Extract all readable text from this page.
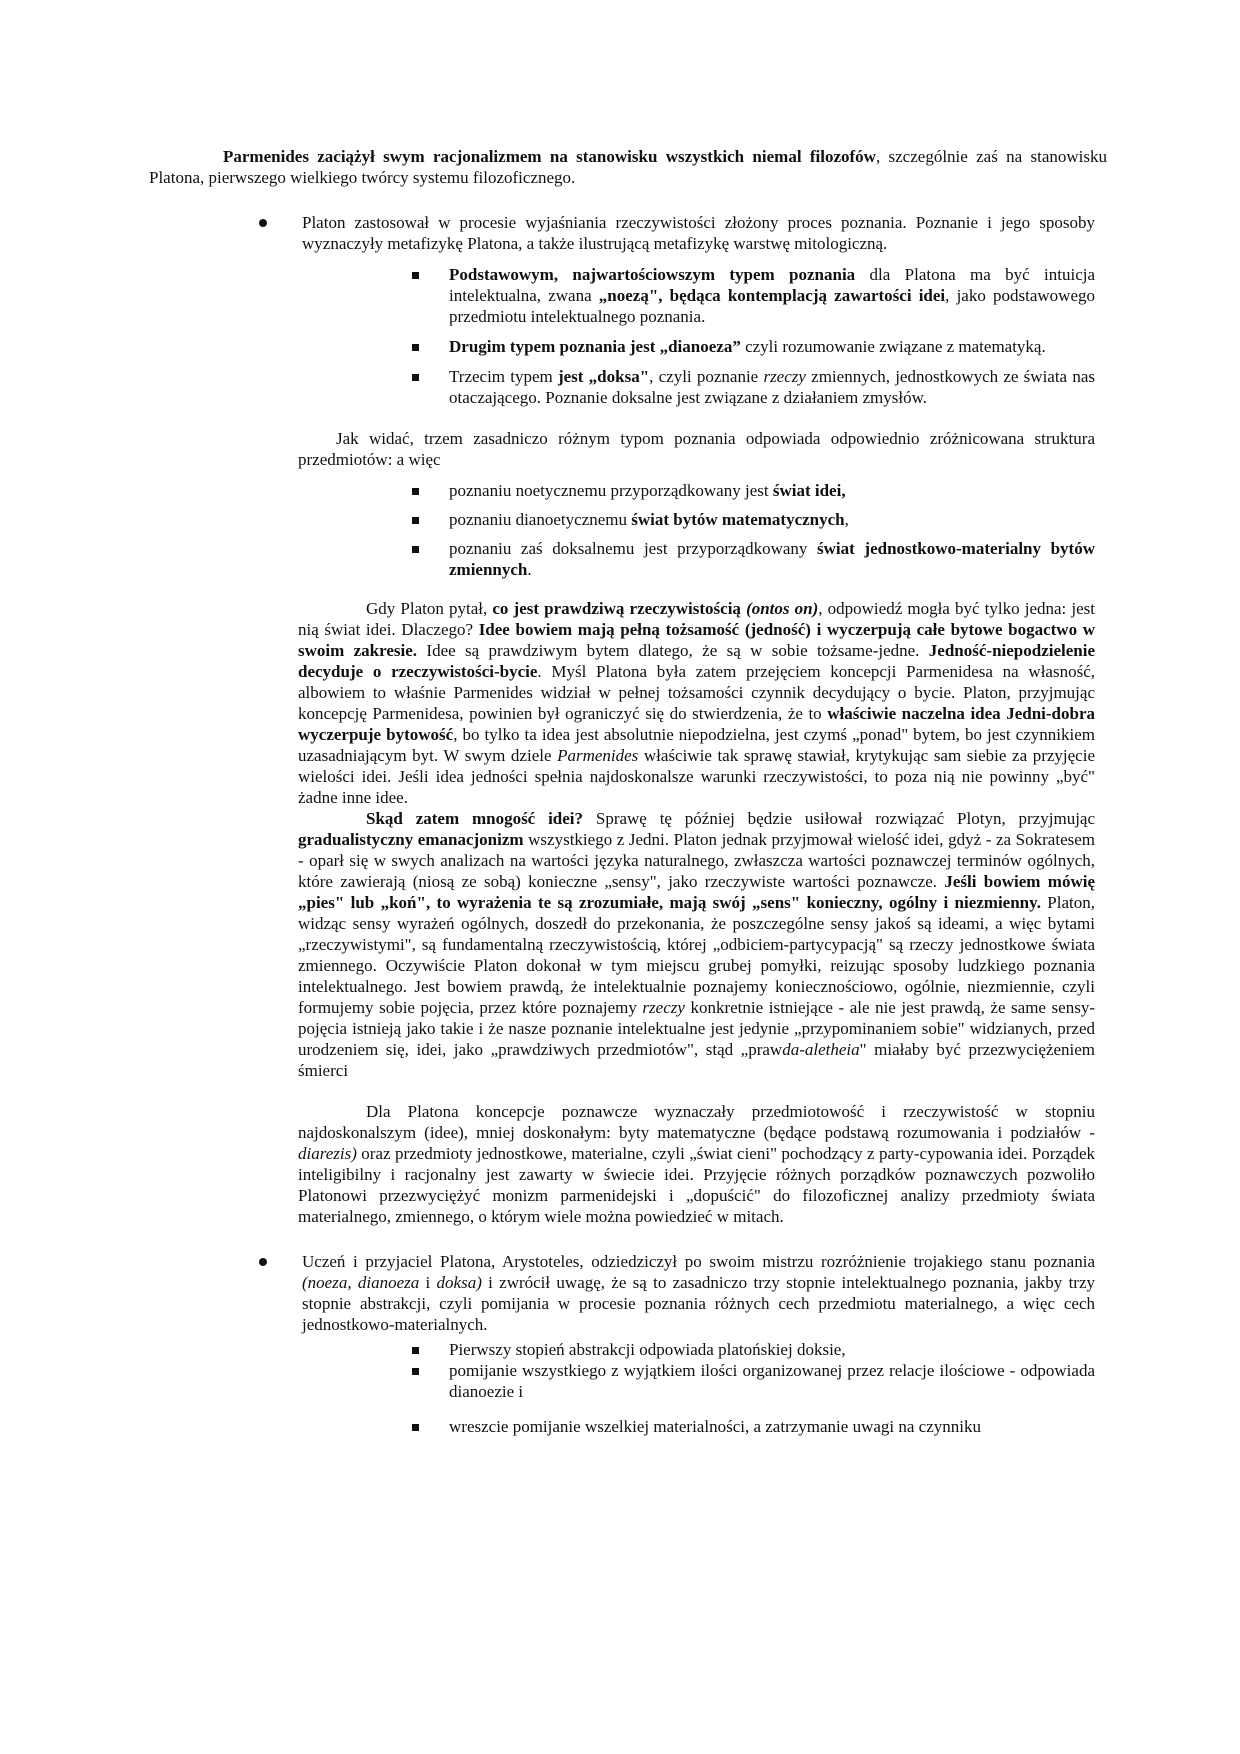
Parmenides zaciążył swym racjonalizmem na stanowisku wszystkich niemal filozofów, szczególnie zaś na stanowisku Platona, pierwszego wielkiego twórcy systemu filozoficznego.
Platon zastosował w procesie wyjaśniania rzeczywistości złożony proces poznania. Poznanie i jego sposoby wyznaczyły metafizykę Platona, a także ilustrującą metafizykę warstwę mitologiczną.
Podstawowym, najwartościowszym typem poznania dla Platona ma być intuicja intelektualna, zwana „noezą", będąca kontemplacją zawartości idei, jako podstawowego przedmiotu intelektualnego poznania.
Drugim typem poznania jest „dianoeza” czyli rozumowanie związane z matematyką.
Trzecim typem jest „doksa", czyli poznanie rzeczy zmiennych, jednostkowych ze świata nas otaczającego. Poznanie doksalne jest związane z działaniem zmysłów.
Jak widać, trzem zasadniczo różnym typom poznania odpowiada odpowiednio zróżnicowana struktura przedmiotów: a więc
poznaniu noetycznemu przyporządkowany jest świat idei,
poznaniu dianoetycznemu świat bytów matematycznych,
poznaniu zaś doksalnemu jest przyporządkowany świat jednostkowo-materialny bytów zmiennych.
Gdy Platon pytał, co jest prawdziwą rzeczywistością (ontos on), odpowiedź mogła być tylko jedna: jest nią świat idei. Dlaczego? Idee bowiem mają pełną tożsamość (jedność) i wyczerpują całe bytowe bogactwo w swoim zakresie. Idee są prawdziwym bytem dlatego, że są w sobie tożsame-jedne. Jedność-niepodzielenie decyduje o rzeczywistości-bycie. Myśl Platona była zatem przejęciem koncepcji Parmenidesa na własność, albowiem to właśnie Parmenides widział w pełnej tożsamości czynnik decydujący o bycie. Platon, przyjmując koncepcję Parmenidesa, powinien był ograniczyć się do stwierdzenia, że to właściwie naczelna idea Jedni-dobra wyczerpuje bytowość, bo tylko ta idea jest absolutnie niepodzielna, jest czymś „ponad" bytem, bo jest czynnikiem uzasadniającym byt. W swym dziele Parmenides właściwie tak sprawę stawiał, krytykując sam siebie za przyjęcie wielości idei. Jeśli idea jedności spełnia najdoskonalsze warunki rzeczywistości, to poza nią nie powinny „być" żadne inne idee.
Skąd zatem mnogość idei? Sprawę tę później będzie usiłował rozwiązać Plotyn, przyjmując gradualistyczny emanacjonizm wszystkiego z Jedni. Platon jednak przyjmował wielość idei, gdyż - za Sokratesem - oparł się w swych analizach na wartości języka naturalnego, zwłaszcza wartości poznawczej terminów ogólnych, które zawierają (niosą ze sobą) konieczne „sensy", jako rzeczywiste wartości poznawcze. Jeśli bowiem mówię „pies" lub „koń", to wyrażenia te są zrozumiałe, mają swój „sens" konieczny, ogólny i niezmienny. Platon, widząc sensy wyrażeń ogólnych, doszedł do przekonania, że poszczególne sensy jakoś są ideami, a więc bytami „rzeczywistymi", są fundamentalną rzeczywistością, której „odbiciem-partycypacją" są rzeczy jednostkowe świata zmiennego. Oczywiście Platon dokonał w tym miejscu grubej pomyłki, reizując sposoby ludzkiego poznania intelektualnego. Jest bowiem prawdą, że intelektualnie poznajemy koniecznościowo, ogólnie, niezmiennie, czyli formujemy sobie pojęcia, przez które poznajemy rzeczy konkretnie istniejące - ale nie jest prawdą, że same sensy-pojęcia istnieją jako takie i że nasze poznanie intelektualne jest jedynie „przypominaniem sobie" widzianych, przed urodzeniem się, idei, jako „prawdziwych przedmiotów", stąd „prawda-aletheia" miałaby być przezwyciężeniem śmierci
Dla Platona koncepcje poznawcze wyznaczały przedmiotowość i rzeczywistość w stopniu najdoskonalszym (idee), mniej doskonałym: byty matematyczne (będące podstawą rozumowania i podziałów - diarezis) oraz przedmioty jednostkowe, materialne, czyli „świat cieni" pochodzący z party-cypowania idei. Porządek inteligibilny i racjonalny jest zawarty w świecie idei. Przyjęcie różnych porządków poznawczych pozwoliło Platonowi przezwyciężyć monizm parmenidejski i „dopuścić" do filozoficznej analizy przedmioty świata materialnego, zmiennego, o którym wiele można powiedzieć w mitach.
Uczeń i przyjaciel Platona, Arystoteles, odziedziczył po swoim mistrzu rozróżnienie trojakiego stanu poznania (noeza, dianoeza i doksa) i zwrócił uwagę, że są to zasadniczo trzy stopnie intelektualnego poznania, jakby trzy stopnie abstrakcji, czyli pomijania w procesie poznania różnych cech przedmiotu materialnego, a więc cech jednostkowo-materialnych.
Pierwszy stopień abstrakcji odpowiada platońskiej doksie,
pomijanie wszystkiego z wyjątkiem ilości organizowanej przez relacje ilościowe - odpowiada dianoezie i
wreszcie pomijanie wszelkiej materialności, a zatrzymanie uwagi na czynniku
